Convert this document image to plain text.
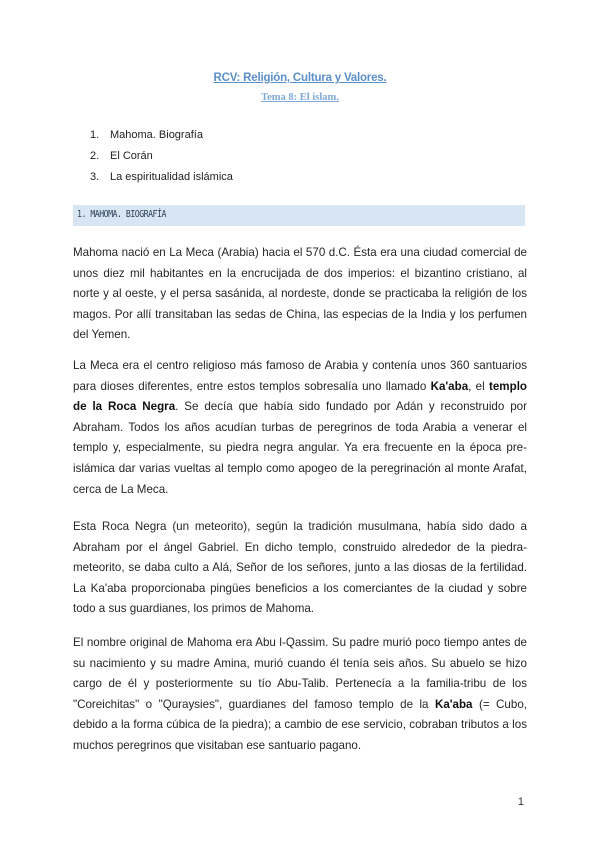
RCV: Religión, Cultura y Valores.
Tema 8: El islam.
1. Mahoma. Biografía
2. El Corán
3. La espiritualidad islámica
1. MAHOMA. BIOGRAFÍA

Mahoma nació en La Meca (Arabia) hacia el 570 d.C. Ésta era una ciudad comercial de unos diez mil habitantes en la encrucijada de dos imperios: el bizantino cristiano, al norte y al oeste, y el persa sasánida, al nordeste, donde se practicaba la religión de los magos. Por allí transitaban las sedas de China, las especias de la India y los perfumen del Yemen.

La Meca era el centro religioso más famoso de Arabia y contenía unos 360 santuarios para dioses diferentes, entre estos templos sobresalía uno llamado Ka'aba, el templo de la Roca Negra. Se decía que había sido fundado por Adán y reconstruido por Abraham. Todos los años acudían turbas de peregrinos de toda Arabia a venerar el templo y, especialmente, su piedra negra angular. Ya era frecuente en la época pre-islámica dar varias vueltas al templo como apogeo de la peregrinación al monte Arafat, cerca de La Meca.

Esta Roca Negra (un meteorito), según la tradición musulmana, había sido dado a Abraham por el ángel Gabriel. En dicho templo, construido alrededor de la piedra-meteorito, se daba culto a Alá, Señor de los señores, junto a las diosas de la fertilidad. La Ka'aba proporcionaba pingües beneficios a los comerciantes de la ciudad y sobre todo a sus guardianes, los primos de Mahoma.

El nombre original de Mahoma era Abu l-Qassim. Su padre murió poco tiempo antes de su nacimiento y su madre Amina, murió cuando él tenía seis años. Su abuelo se hizo cargo de él y posteriormente su tío Abu-Talib. Pertenecía a la familia-tribu de los "Coreichitas" o "Quraysies", guardianes del famoso templo de la Ka'aba (= Cubo, debido a la forma cúbica de la piedra); a cambio de ese servicio, cobraban tributos a los muchos peregrinos que visitaban ese santuario pagano.

1
